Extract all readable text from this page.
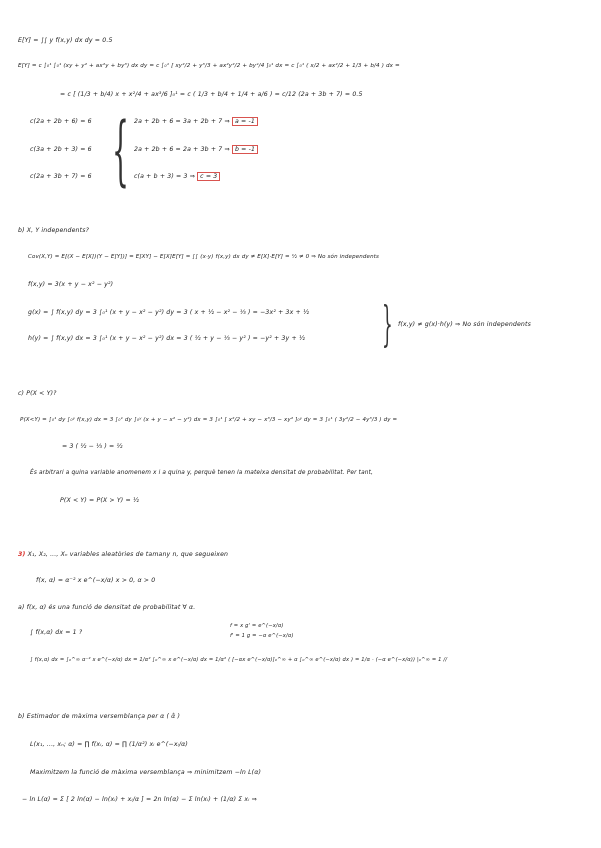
E[Y] = ∫∫ y f(x,y) dx dy = 0.5
E[Y] = c ∫₀¹ ∫₀¹ (xy + y² + ax²y + by³) dx dy = c ∫₀¹ [ xy²/2 + y³/3 + ax²y²/2 + by⁴/4 ]₀¹ dx = c ∫₀¹ ( x/2 + ax²/2 + 1/3 + b/4 ) dx =
= c [ (1/3 + b/4) x + x²/4 + ax³/6 ]₀¹ = c ( 1/3 + b/4 + 1/4 + a/6 ) = c/12 (2a + 3b + 7) = 0.5
c(2a + 2b + 6) = 6
c(3a + 2b + 3) = 6
c(2a + 3b + 7) = 6 { 2a + 2b + 6 = 3a + 2b + 7 ⇒ a = -1
2a + 2b + 6 = 2a + 3b + 7 ⇒ b = -1
c(a + b + 3) = 3 ⇒ c = 3
b) X, Y independents?
Cov(X,Y) = E[(X − E[X])(Y − E[Y])] = E[XY] − E[X]E[Y] = ∫∫ (x·y) f(x,y) dx dy ≠ E[X]·E[Y] = ½ ≠ 0 ⇒ No són independents
f(x,y) = 3(x + y − x² − y²)
g(x) = ∫ f(x,y) dy = 3 ∫₀¹ (x + y − x² − y²) dy = 3 ( x + ½ − x² − ⅓ ) = −3x² + 3x + ½
h(y) = ∫ f(x,y) dx = 3 ∫₀¹ (x + y − x² − y²) dx = 3 ( ½ + y − ⅓ − y² ) = −y² + 3y + ½ } f(x,y) ≠ g(x)·h(y) ⇒ No són independents
c) P(X < Y)?
P(X<Y) = ∫₀¹ dy ∫₀ʸ f(x,y) dx = 3 ∫₀¹ dy ∫₀ʸ (x + y − x² − y²) dx = 3 ∫₀¹ [ x²/2 + xy − x³/3 − xy² ]₀ʸ dy = 3 ∫₀¹ ( 3y²/2 − 4y³/3 ) dy =
= 3 ( ½ − ⅓ ) = ½
És arbitrari a quina variable anomenem x i a quina y, perquè tenen la mateixa densitat de probabilitat. Per tant,
P(X < Y) = P(X > Y) = ½
3) X₁, X₂, ..., Xₙ variables aleatòries de tamany n, que segueixen
f(x, α) = α⁻² x e^(−x/α) x > 0, α > 0
a) f(x, α) és una funció de densitat de probabilitat ∀ α.
∫ f(x,α) dx = 1 ?
f = x g' = e^(−x/α)
f' = 1 g = −α e^(−x/α)
∫ f(x,α) dx = ∫₀^∞ α⁻² x e^(−x/α) dx = 1/α² ∫₀^∞ x e^(−x/α) dx = 1/α² ( [−αx e^(−x/α)]₀^∞ + α ∫₀^∞ e^(−x/α) dx ) = 1/α · (−α e^(−x/α)) |₀^∞ = 1 //
b) Estimador de màxima versemblança per α ( α̂ )
L(x₁, ..., xₙ; α) = ∏ f(xᵢ, α) = ∏ (1/α²) xᵢ e^(−xᵢ/α)
Maximitzem la funció de màxima versemblança ⇒ minimitzem −ln L(α)
− ln L(α) = Σ [ 2 ln(α) − ln(xᵢ) + xᵢ/α ] = 2n ln(α) − Σ ln(xᵢ) + (1/α) Σ xᵢ ⇒
